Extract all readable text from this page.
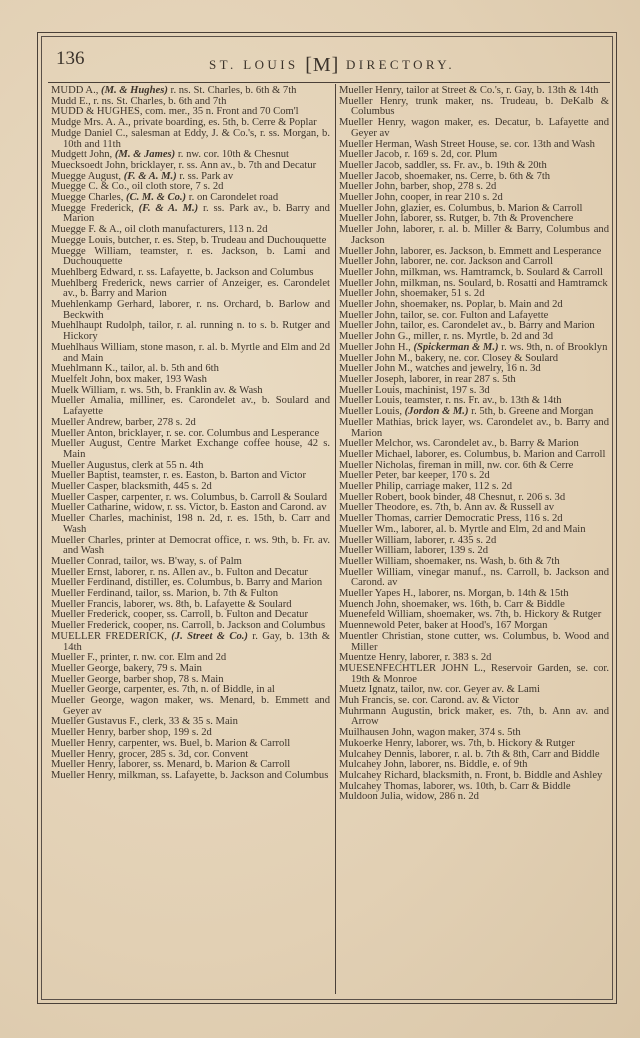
136	ST. LOUIS [M] DIRECTORY.

MUDD A., (M. & Hughes) r. ns. St. Charles, b. 6th & 7th

Mudd E., r. ns. St. Charles, b. 6th and 7th

MUDD & HUGHES, com. mer., 35 n. Front and 70 Com'l

Mudge Mrs. A. A., private boarding, es. 5th, b. Cerre & Poplar

Mudge Daniel C., salesman at Eddy, J. & Co.'s, r. ss. Morgan, b. 10th and 11th

Mudgett John, (M. & James) r. nw. cor. 10th & Chesnut

Muecksoedt John, bricklayer, r. ss. Ann av., b. 7th and Decatur

Muegge August, (F. & A. M.) r. ss. Park av

Muegge C. & Co., oil cloth store, 7 s. 2d

Muegge Charles, (C. M. & Co.) r. on Carondelet road

Muegge Frederick, (F. & A. M.) r. ss. Park av., b. Barry and Marion

Muegge F. & A., oil cloth manufacturers, 113 n. 2d

Muegge Louis, butcher, r. es. Step, b. Trudeau and Duchouquette

Muegge William, teamster, r. es. Jackson, b. Lami and Duchouquette

Muehlberg Edward, r. ss. Lafayette, b. Jackson and Columbus

Muehlberg Frederick, news carrier of Anzeiger, es. Carondelet av., b. Barry and Marion

Muehlenkamp Gerhard, laborer, r. ns. Orchard, b. Barlow and Beckwith

Muehlhaupt Rudolph, tailor, r. al. running n. to s. b. Rutger and Hickory

Muehlhaus William, stone mason, r. al. b. Myrtle and Elm and 2d and Main

Muehlmann K., tailor, al. b. 5th and 6th

Muelfelt John, box maker, 193 Wash

Muelk William, r. ws. 5th, b. Franklin av. & Wash

Mueller Amalia, milliner, es. Carondelet av., b. Soulard and Lafayette

Mueller Andrew, barber, 278 s. 2d

Mueller Anton, bricklayer, r. se. cor. Columbus and Lesperance

Mueller August, Centre Market Exchange coffee house, 42 s. Main

Mueller Augustus, clerk at 55 n. 4th

Mueller Baptist, teamster, r. es. Easton, b. Barton and Victor

Mueller Casper, blacksmith, 445 s. 2d

Mueller Casper, carpenter, r. ws. Columbus, b. Carroll & Soulard

Mueller Catharine, widow, r. ss. Victor, b. Easton and Carond. av

Mueller Charles, machinist, 198 n. 2d, r. es. 15th, b. Carr and Wash

Mueller Charles, printer at Democrat office, r. ws. 9th, b. Fr. av. and Wash

Mueller Conrad, tailor, ws. B'way, s. of Palm

Mueller Ernst, laborer, r. ns. Allen av., b. Fulton and Decatur

Mueller Ferdinand, distiller, es. Columbus, b. Barry and Marion

Mueller Ferdinand, tailor, ss. Marion, b. 7th & Fulton

Mueller Francis, laborer, ws. 8th, b. Lafayette & Soulard

Mueller Frederick, cooper, ss. Carroll, b. Fulton and Decatur

Mueller Frederick, cooper, ns. Carroll, b. Jackson and Columbus

MUELLER FREDERICK, (J. Street & Co.) r. Gay, b. 13th & 14th

Mueller F., printer, r. nw. cor. Elm and 2d

Mueller George, bakery, 79 s. Main

Mueller George, barber shop, 78 s. Main

Mueller George, carpenter, es. 7th, n. of Biddle, in al

Mueller George, wagon maker, ws. Menard, b. Emmett and Geyer av

Mueller Gustavus F., clerk, 33 & 35 s. Main

Mueller Henry, barber shop, 199 s. 2d

Mueller Henry, carpenter, ws. Buel, b. Marion & Carroll

Mueller Henry, grocer, 285 s. 3d, cor. Convent

Mueller Henry, laborer, ss. Menard, b. Marion & Carroll

Mueller Henry, milkman, ss. Lafayette, b. Jackson and Columbus

Mueller Henry, tailor at Street & Co.'s, r. Gay, b. 13th & 14th

Mueller Henry, trunk maker, ns. Trudeau, b. DeKalb & Columbus

Mueller Henry, wagon maker, es. Decatur, b. Lafayette and Geyer av

Mueller Herman, Wash Street House, se. cor. 13th and Wash

Mueller Jacob, r. 169 s. 2d, cor. Plum

Mueller Jacob, saddler, ss. Fr. av., b. 19th & 20th

Mueller Jacob, shoemaker, ns. Cerre, b. 6th & 7th

Mueller John, barber, shop, 278 s. 2d

Mueller John, cooper, in rear 210 s. 2d

Mueller John, glazier, es. Columbus, b. Marion & Carroll

Mueller John, laborer, ss. Rutger, b. 7th & Provenchere

Mueller John, laborer, r. al. b. Miller & Barry, Columbus and Jackson

Mueller John, laborer, es. Jackson, b. Emmett and Lesperance

Mueller John, laborer, ne. cor. Jackson and Carroll

Mueller John, milkman, ws. Hamtramck, b. Soulard & Carroll

Mueller John, milkman, ns. Soulard, b. Rosatti and Hamtramck

Mueller John, shoemaker, 51 s. 2d

Mueller John, shoemaker, ns. Poplar, b. Main and 2d

Mueller John, tailor, se. cor. Fulton and Lafayette

Mueller John, tailor, es. Carondelet av., b. Barry and Marion

Mueller John G., miller, r. ns. Myrtle, b. 2d and 3d

Mueller John H., (Spickerman & M.) r. ws. 9th, n. of Brooklyn

Mueller John M., bakery, ne. cor. Closey & Soulard

Mueller John M., watches and jewelry, 16 n. 3d

Mueller Joseph, laborer, in rear 287 s. 5th

Mueller Louis, machinist, 197 s. 3d

Mueller Louis, teamster, r. ns. Fr. av., b. 13th & 14th

Mueller Louis, (Jordon & M.) r. 5th, b. Greene and Morgan

Mueller Mathias, brick layer, ws. Carondelet av., b. Barry and Marion

Mueller Melchor, ws. Carondelet av., b. Barry & Marion

Mueller Michael, laborer, es. Columbus, b. Marion and Carroll

Mueller Nicholas, fireman in mill, nw. cor. 6th & Cerre

Mueller Peter, bar keeper, 170 s. 2d

Mueller Philip, carriage maker, 112 s. 2d

Mueller Robert, book binder, 48 Chesnut, r. 206 s. 3d

Mueller Theodore, es. 7th, b. Ann av. & Russell av

Mueller Thomas, carrier Democratic Press, 116 s. 2d

Mueller Wm., laborer, al. b. Myrtle and Elm, 2d and Main

Mueller William, laborer, r. 435 s. 2d

Mueller William, laborer, 139 s. 2d

Mueller William, shoemaker, ns. Wash, b. 6th & 7th

Mueller William, vinegar manuf., ns. Carroll, b. Jackson and Carond. av

Mueller Yapes H., laborer, ns. Morgan, b. 14th & 15th

Muench John, shoemaker, ws. 16th, b. Carr & Biddle

Muenefeld William, shoemaker, ws. 7th, b. Hickory & Rutger

Muennewold Peter, baker at Hood's, 167 Morgan

Muentler Christian, stone cutter, ws. Columbus, b. Wood and Miller

Muentze Henry, laborer, r. 383 s. 2d

MUESENFECHTLER JOHN L., Reservoir Garden, se. cor. 19th & Monroe

Muetz Ignatz, tailor, nw. cor. Geyer av. & Lami

Muh Francis, se. cor. Carond. av. & Victor

Muhrmann Augustin, brick maker, es. 7th, b. Ann av. and Arrow

Muilhausen John, wagon maker, 374 s. 5th

Mukoerke Henry, laborer, ws. 7th, b. Hickory & Rutger

Mulcahey Dennis, laborer, r. al. b. 7th & 8th, Carr and Biddle

Mulcahey John, laborer, ns. Biddle, e. of 9th

Mulcahey Richard, blacksmith, n. Front, b. Biddle and Ashley

Mulcahey Thomas, laborer, ws. 10th, b. Carr & Biddle

Muldoon Julia, widow, 286 n. 2d
